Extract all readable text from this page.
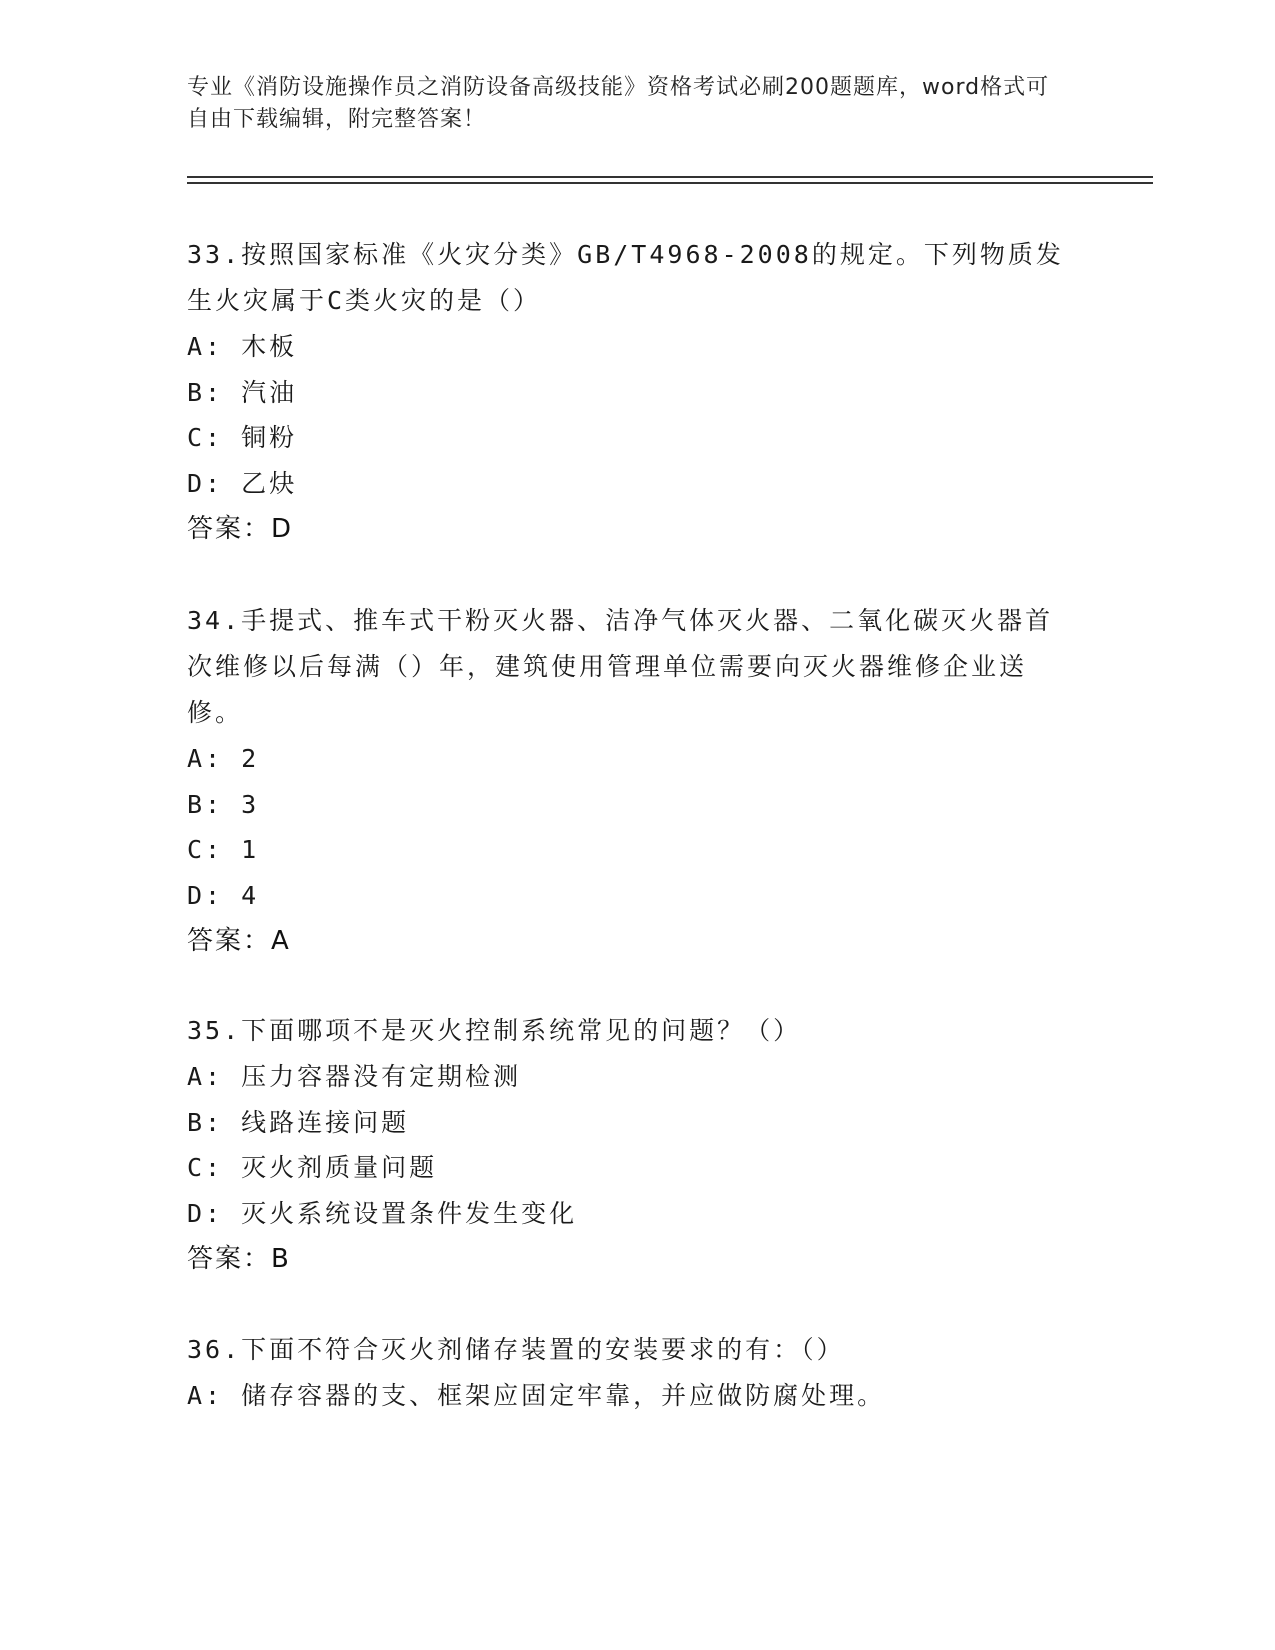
专业《消防设施操作员之消防设备高级技能》资格考试必刷200题题库，word格式可自由下载编辑，附完整答案！
33.按照国家标准《火灾分类》GB/T4968-2008的规定。下列物质发生火灾属于C类火灾的是（）
A: 木板
B: 汽油
C: 铜粉
D: 乙炔
答案：D
34.手提式、推车式干粉灭火器、洁净气体灭火器、二氧化碳灭火器首次维修以后每满（）年，建筑使用管理单位需要向灭火器维修企业送修。
A: 2
B: 3
C: 1
D: 4
答案：A
35.下面哪项不是灭火控制系统常见的问题？（）
A: 压力容器没有定期检测
B: 线路连接问题
C: 灭火剂质量问题
D: 灭火系统设置条件发生变化
答案：B
36.下面不符合灭火剂储存装置的安装要求的有：（）
A: 储存容器的支、框架应固定牢靠，并应做防腐处理。
